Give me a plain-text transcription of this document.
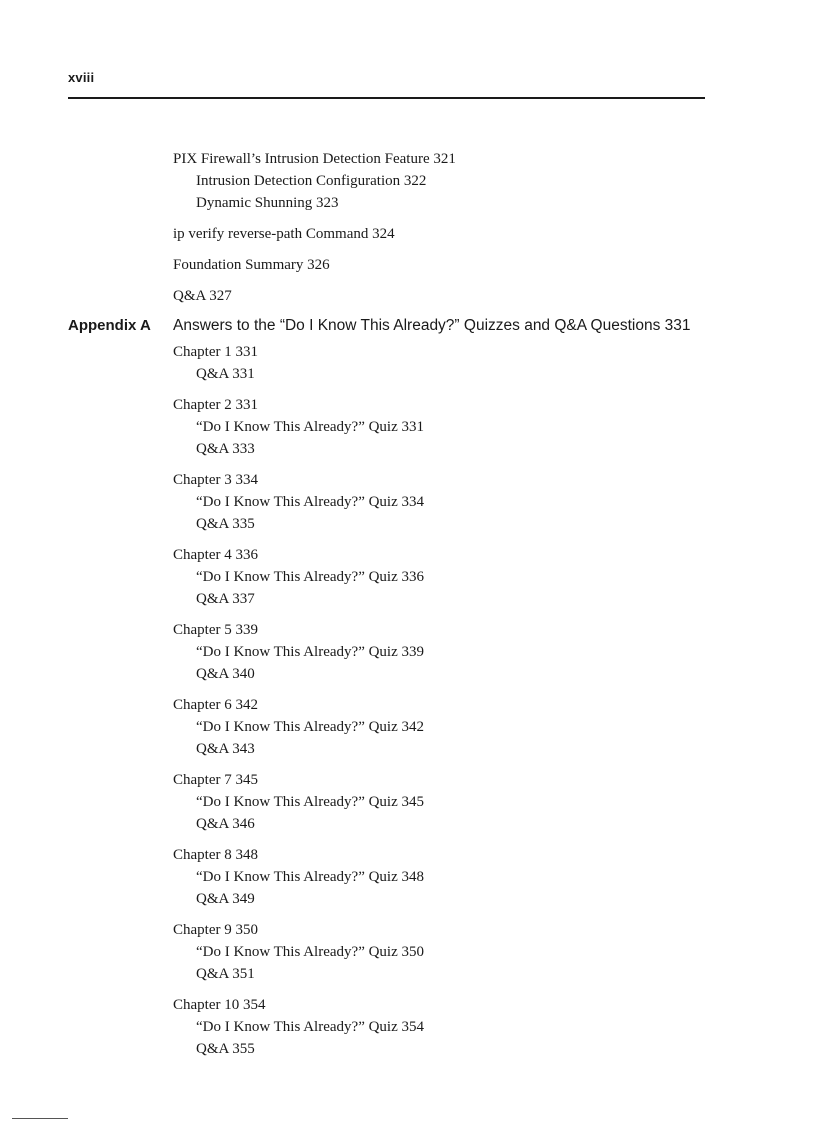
xviii
PIX Firewall’s Intrusion Detection Feature 321
Intrusion Detection Configuration 322
Dynamic Shunning 323
ip verify reverse-path Command 324
Foundation Summary 326
Q&A 327
Appendix A Answers to the “Do I Know This Already?” Quizzes and Q&A Questions 331
Chapter 1 331
Q&A 331
Chapter 2 331
“Do I Know This Already?” Quiz 331
Q&A 333
Chapter 3 334
“Do I Know This Already?” Quiz 334
Q&A 335
Chapter 4 336
“Do I Know This Already?” Quiz 336
Q&A 337
Chapter 5 339
“Do I Know This Already?” Quiz 339
Q&A 340
Chapter 6 342
“Do I Know This Already?” Quiz 342
Q&A 343
Chapter 7 345
“Do I Know This Already?” Quiz 345
Q&A 346
Chapter 8 348
“Do I Know This Already?” Quiz 348
Q&A 349
Chapter 9 350
“Do I Know This Already?” Quiz 350
Q&A 351
Chapter 10 354
“Do I Know This Already?” Quiz 354
Q&A 355
